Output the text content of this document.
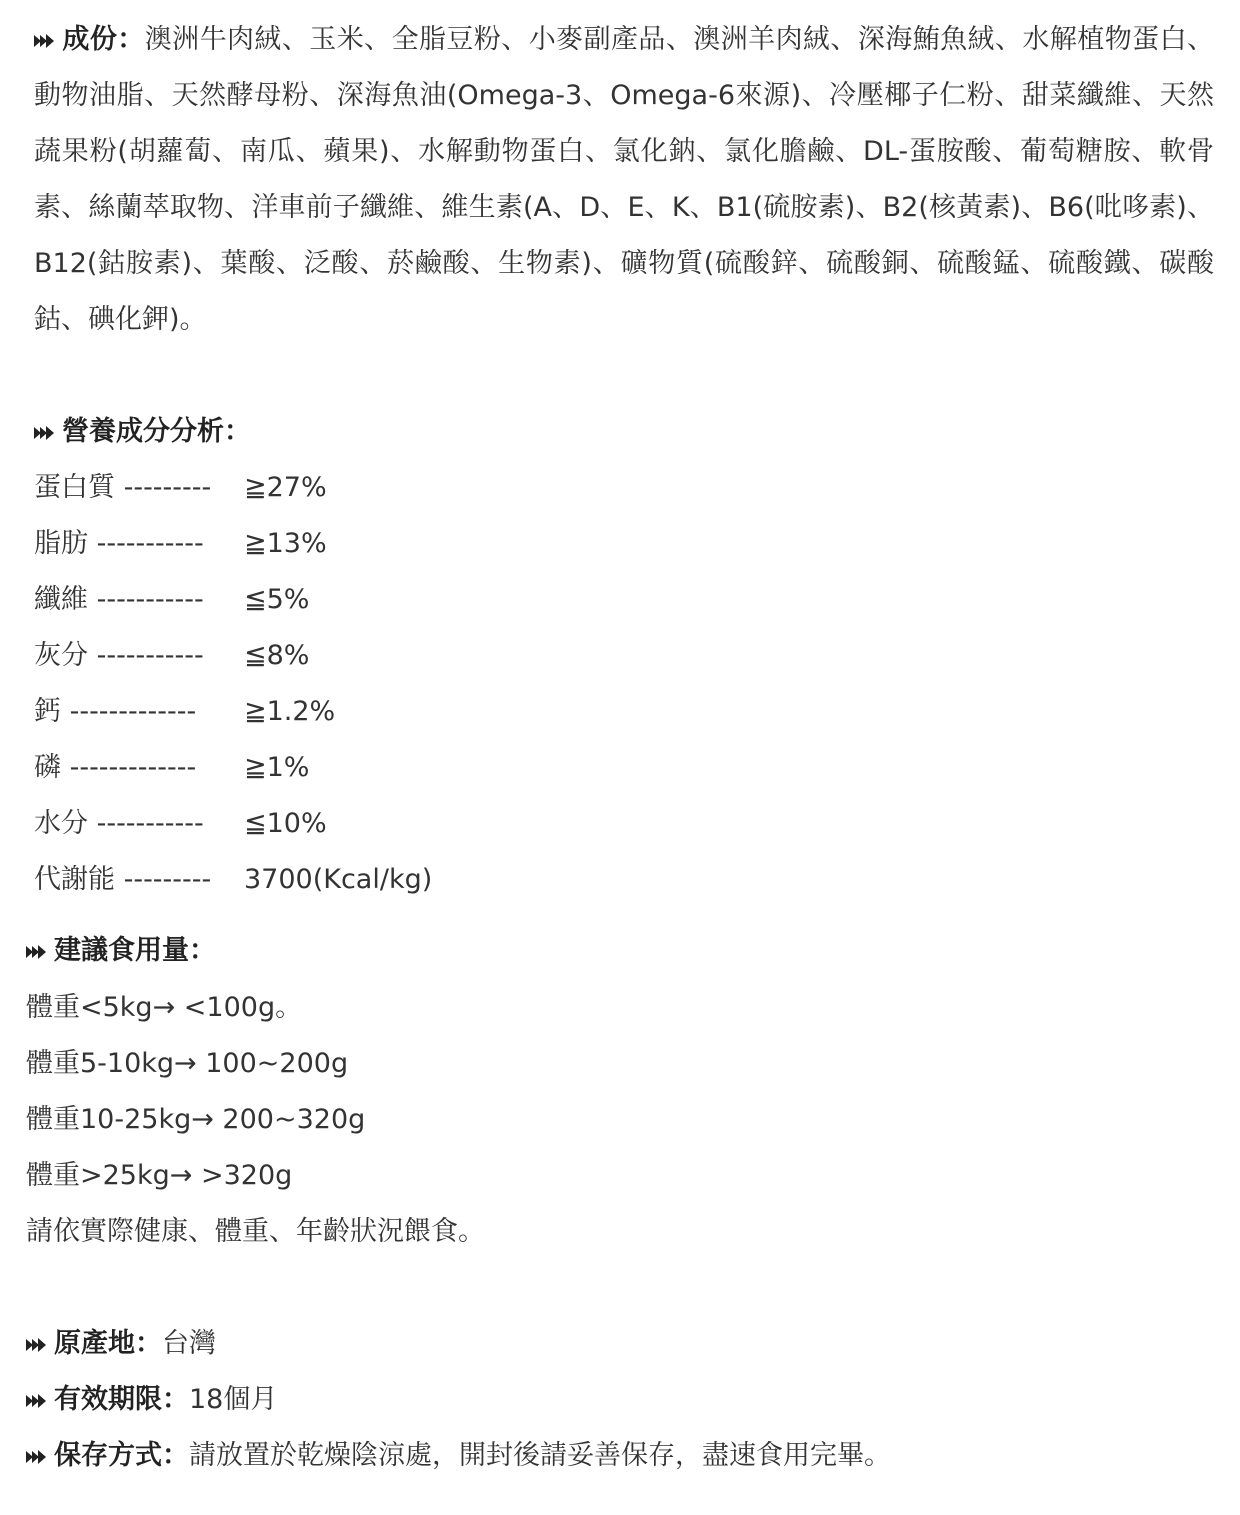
成份：澳洲牛肉絨、玉米、全脂豆粉、小麥副產品、澳洲羊肉絨、深海鮪魚絨、水解植物蛋白、動物油脂、天然酵母粉、深海魚油(Omega-3、Omega-6來源)、冷壓椰子仁粉、甜菜纖維、天然蔬果粉(胡蘿蔔、南瓜、蘋果)、水解動物蛋白、氯化鈉、氯化膽鹼、DL-蛋胺酸、葡萄糖胺、軟骨素、絲蘭萃取物、洋車前子纖維、維生素(A、D、E、K、B1(硫胺素)、B2(核黃素)、B6(吡哆素)、B12(鈷胺素)、葉酸、泛酸、菸鹼酸、生物素)、礦物質(硫酸鋅、硫酸銅、硫酸錳、硫酸鐵、碳酸鈷、碘化鉀)。
營養成分分析：
蛋白質 --------- ≧27%
脂肪 ----------- ≧13%
纖維 ----------- ≦5%
灰分 ----------- ≦8%
鈣 ------------- ≧1.2%
磷 ------------- ≧1%
水分 ----------- ≦10%
代謝能 --------- 3700(Kcal/kg)
建議食用量：
體重<5kg→ <100g。
體重5-10kg→ 100~200g
體重10-25kg→ 200~320g
體重>25kg→ >320g
請依實際健康、體重、年齡狀況餵食。
原產地：台灣
有效期限：18個月
保存方式：請放置於乾燥陰涼處，開封後請妥善保存，盡速食用完畢。
